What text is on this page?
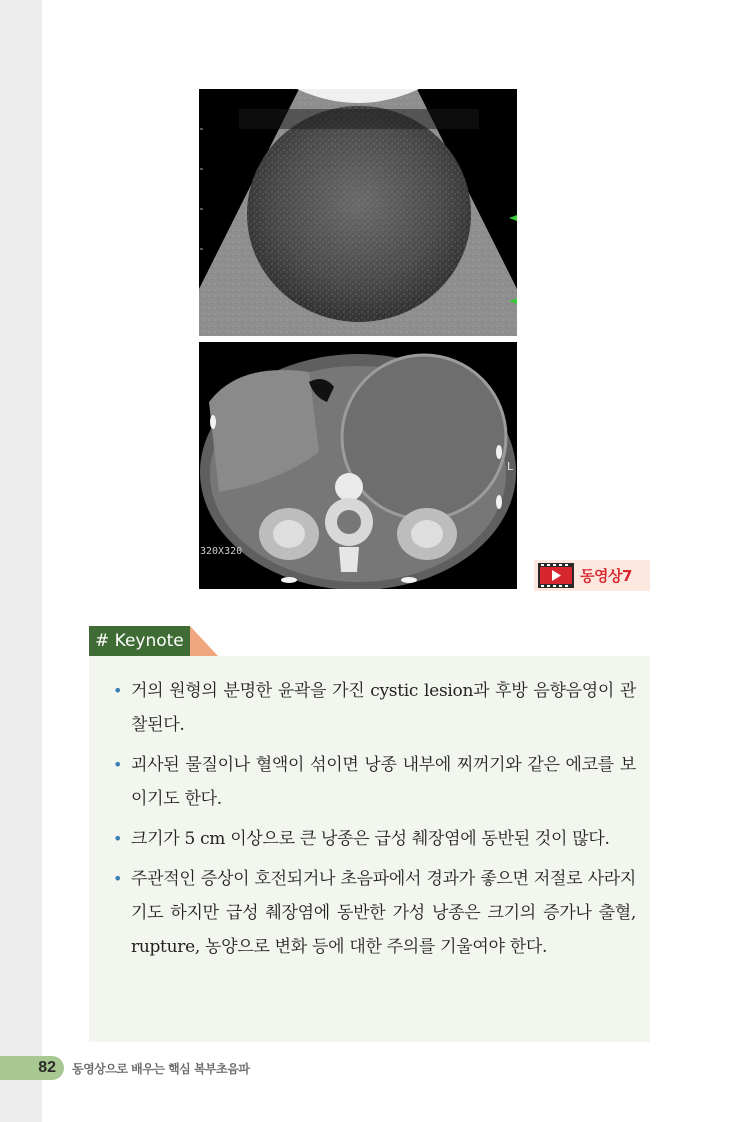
320X320
L
동영상7
# Keynote
• 거의 원형의 분명한 윤곽을 가진 cystic lesion과 후방 음향음영이 관찰된다.
• 괴사된 물질이나 혈액이 섞이면 낭종 내부에 찌꺼기와 같은 에코를 보이기도 한다.
• 크기가 5 cm 이상으로 큰 낭종은 급성 췌장염에 동반된 것이 많다.
• 주관적인 증상이 호전되거나 초음파에서 경과가 좋으면 저절로 사라지기도 하지만 급성 췌장염에 동반한 가성 낭종은 크기의 증가나 출혈, rupture, 농양으로 변화 등에 대한 주의를 기울여야 한다.
82 동영상으로 배우는 핵심 복부초음파
